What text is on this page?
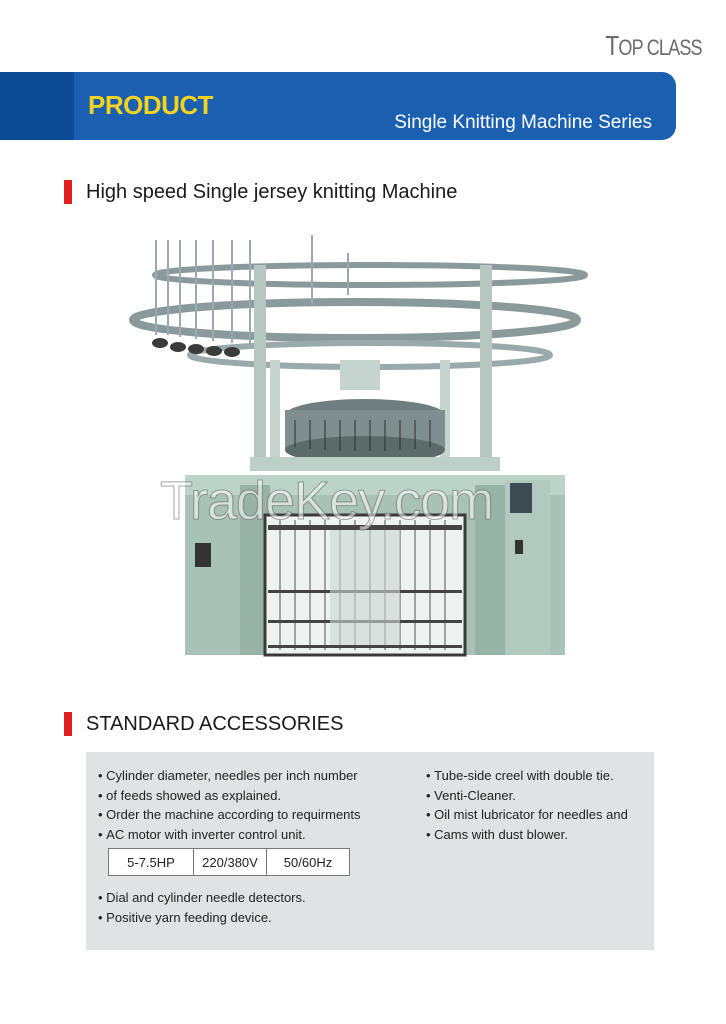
TOP CLASS
PRODUCT
Single Knitting Machine Series
High speed Single jersey knitting Machine
TradeKey.com
STANDARD ACCESSORIES
• Cylinder diameter, needles per inch number
• of feeds showed as explained.
• Order the machine according to requirments
• AC motor with inverter control unit.
• Tube-side creel with double tie.
• Venti-Cleaner.
• Oil mist lubricator for needles and
• Cams with dust blower.
5-7.5HP	220/380V	50/60Hz
• Dial and cylinder needle detectors.
• Positive yarn feeding device.
